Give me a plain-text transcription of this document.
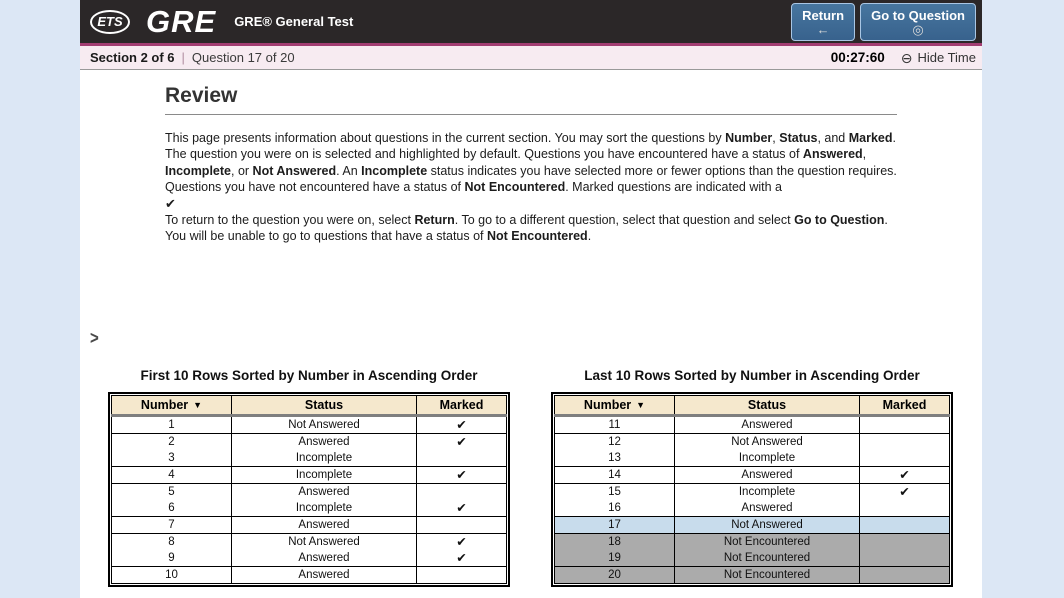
ETS GRE GRE® General Test	Return
←
Go to Question
◎
Section 2 of 6 | Question 17 of 20	00:27:60 ⊖ Hide Time
Review

This page presents information about questions in the current section. You may sort the questions by Number, Status, and Marked. The question you were on is selected and highlighted by default. Questions you have encountered have a status of Answered, Incomplete, or Not Answered. An Incomplete status indicates you have selected more or fewer options than the question requires. Questions you have not encountered have a status of Not Encountered. Marked questions are indicated with a

✔

To return to the question you were on, select Return. To go to a different question, select that question and select Go to Question. You will be unable to go to questions that have a status of Not Encountered.

>
First 10 Rows Sorted by Number in Ascending Order
Number ▼	Status	Marked
1	Not Answered	✔
2	Answered	✔
3	Incomplete	
4	Incomplete	✔
5	Answered	
6	Incomplete	✔
7	Answered	
8	Not Answered	✔
9	Answered	✔
10	Answered	
Last 10 Rows Sorted by Number in Ascending Order
Number ▼	Status	Marked
11	Answered	
12	Not Answered	
13	Incomplete	
14	Answered	✔
15	Incomplete	✔
16	Answered	
17	Not Answered	
18	Not Encountered	
19	Not Encountered	
20	Not Encountered	
